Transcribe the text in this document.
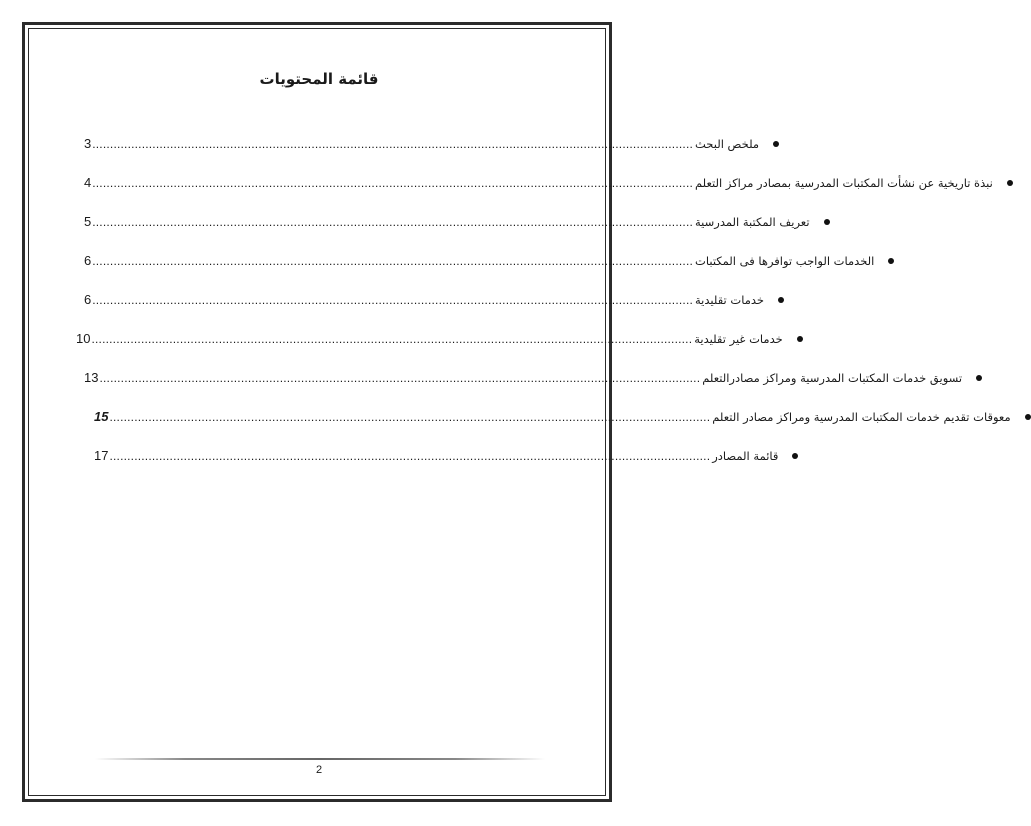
قائمة المحتويات
3 .......................................................................................................................................................................... ملخص البحث
4 .......................................................................................................................................................................... نبذة تاريخية عن نشأت المكتبات المدرسية بمصادر مراكز التعلم
5 .......................................................................................................................................................................... تعريف المكتبة المدرسية
6 .......................................................................................................................................................................... الخدمات الواجب توافرها فى المكتبات
6 .......................................................................................................................................................................... خدمات تقليدية
10 .......................................................................................................................................................................... خدمات غير تقليدية
13 .......................................................................................................................................................................... تسويق خدمات المكتبات المدرسية ومراكز مصادرالتعلم
15 .......................................................................................................................................................................... معوقات تقديم خدمات المكتبات المدرسية ومراكز مصادر التعلم
17 .......................................................................................................................................................................... قائمة المصادر
2
